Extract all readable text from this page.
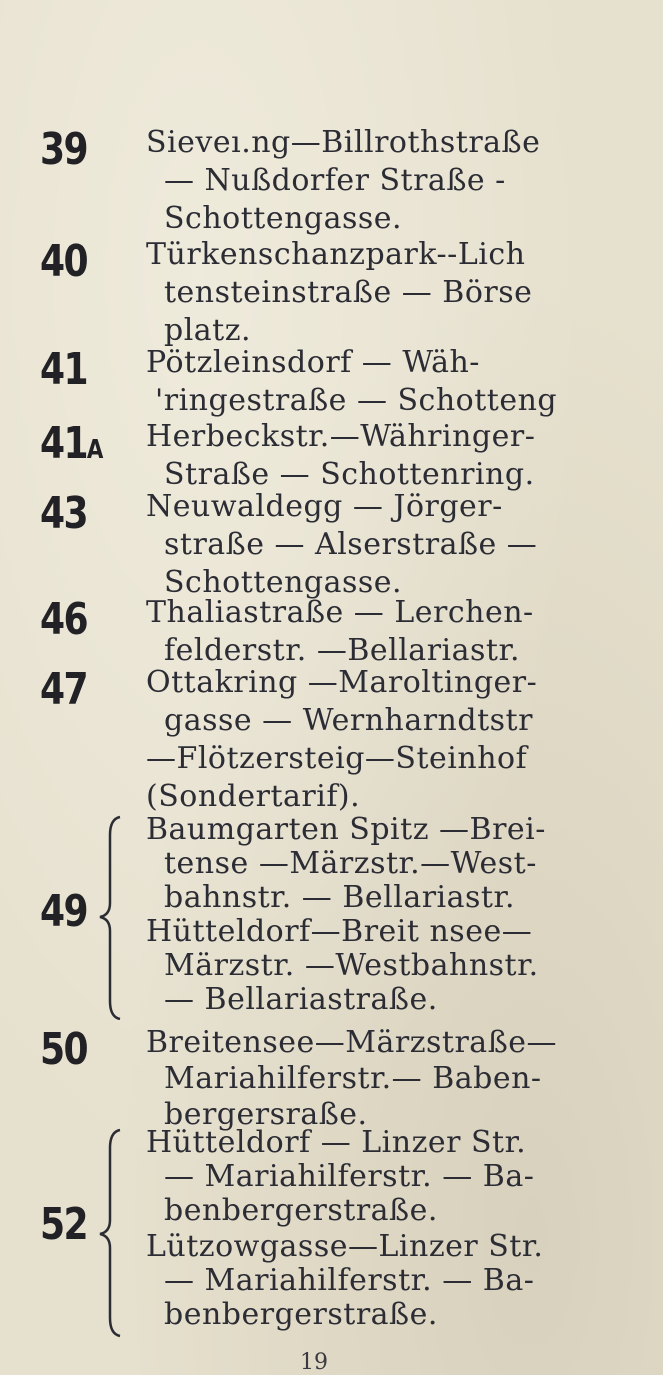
39 Sieveı.ng—Billrothstraße
— Nußdorfer Straße -
Schottengasse.
40 Türkenschanzpark--Lich
tensteinstraße — Börse
platz.
41 Pötzleinsdorf — Wäh-
'ringestraße — Schotteng
41A Herbeckstr.—Währinger-
Straße — Schottenring.
43 Neuwaldegg — Jörger-
straße — Alserstraße —
Schottengasse.
46 Thaliastraße — Lerchen-
felderstr. —Bellariastr.
47 Ottakring —Maroltinger-
gasse — Wernharndtstr
—Flötzersteig—Steinhof
(Sondertarif).
49
Baumgarten Spitz —Brei-
tense —Märzstr.—West-
bahnstr. — Bellariastr.
Hütteldorf—Breit nsee—
Märzstr. —Westbahnstr.
— Bellariastraße.
50 Breitensee—Märzstraße—
Mariahilferstr.— Baben-
bergersraße.
52
Hütteldorf — Linzer Str.
— Mariahilferstr. — Ba-
benbergerstraße.
Lützowgasse—Linzer Str.
— Mariahilferstr. — Ba-
benbergerstraße.
19
